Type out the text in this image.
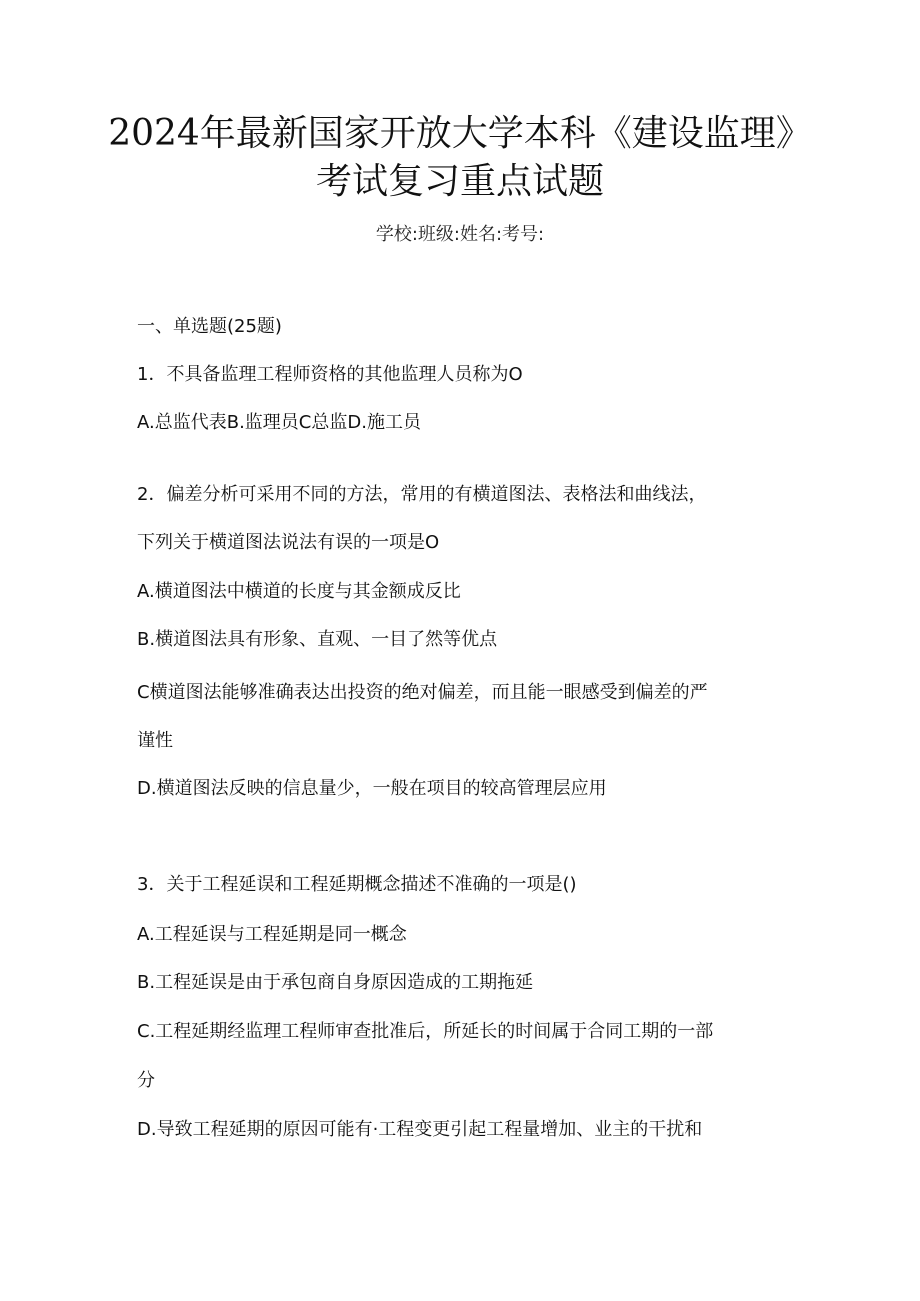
2024年最新国家开放大学本科《建设监理》
考试复习重点试题
学校:班级:姓名:考号:
一、单选题(25题)
1．不具备监理工程师资格的其他监理人员称为O
A.总监代表B.监理员C总监D.施工员
2．偏差分析可采用不同的方法，常用的有横道图法、表格法和曲线法，
下列关于横道图法说法有误的一项是O
A.横道图法中横道的长度与其金额成反比
B.横道图法具有形象、直观、一目了然等优点
C横道图法能够准确表达出投资的绝对偏差，而且能一眼感受到偏差的严
谨性
D.横道图法反映的信息量少，一般在项目的较高管理层应用
3．关于工程延误和工程延期概念描述不准确的一项是()
A.工程延误与工程延期是同一概念
B.工程延误是由于承包商自身原因造成的工期拖延
C.工程延期经监理工程师审查批准后，所延长的时间属于合同工期的一部
分
D.导致工程延期的原因可能有·工程变更引起工程量增加、业主的干扰和
